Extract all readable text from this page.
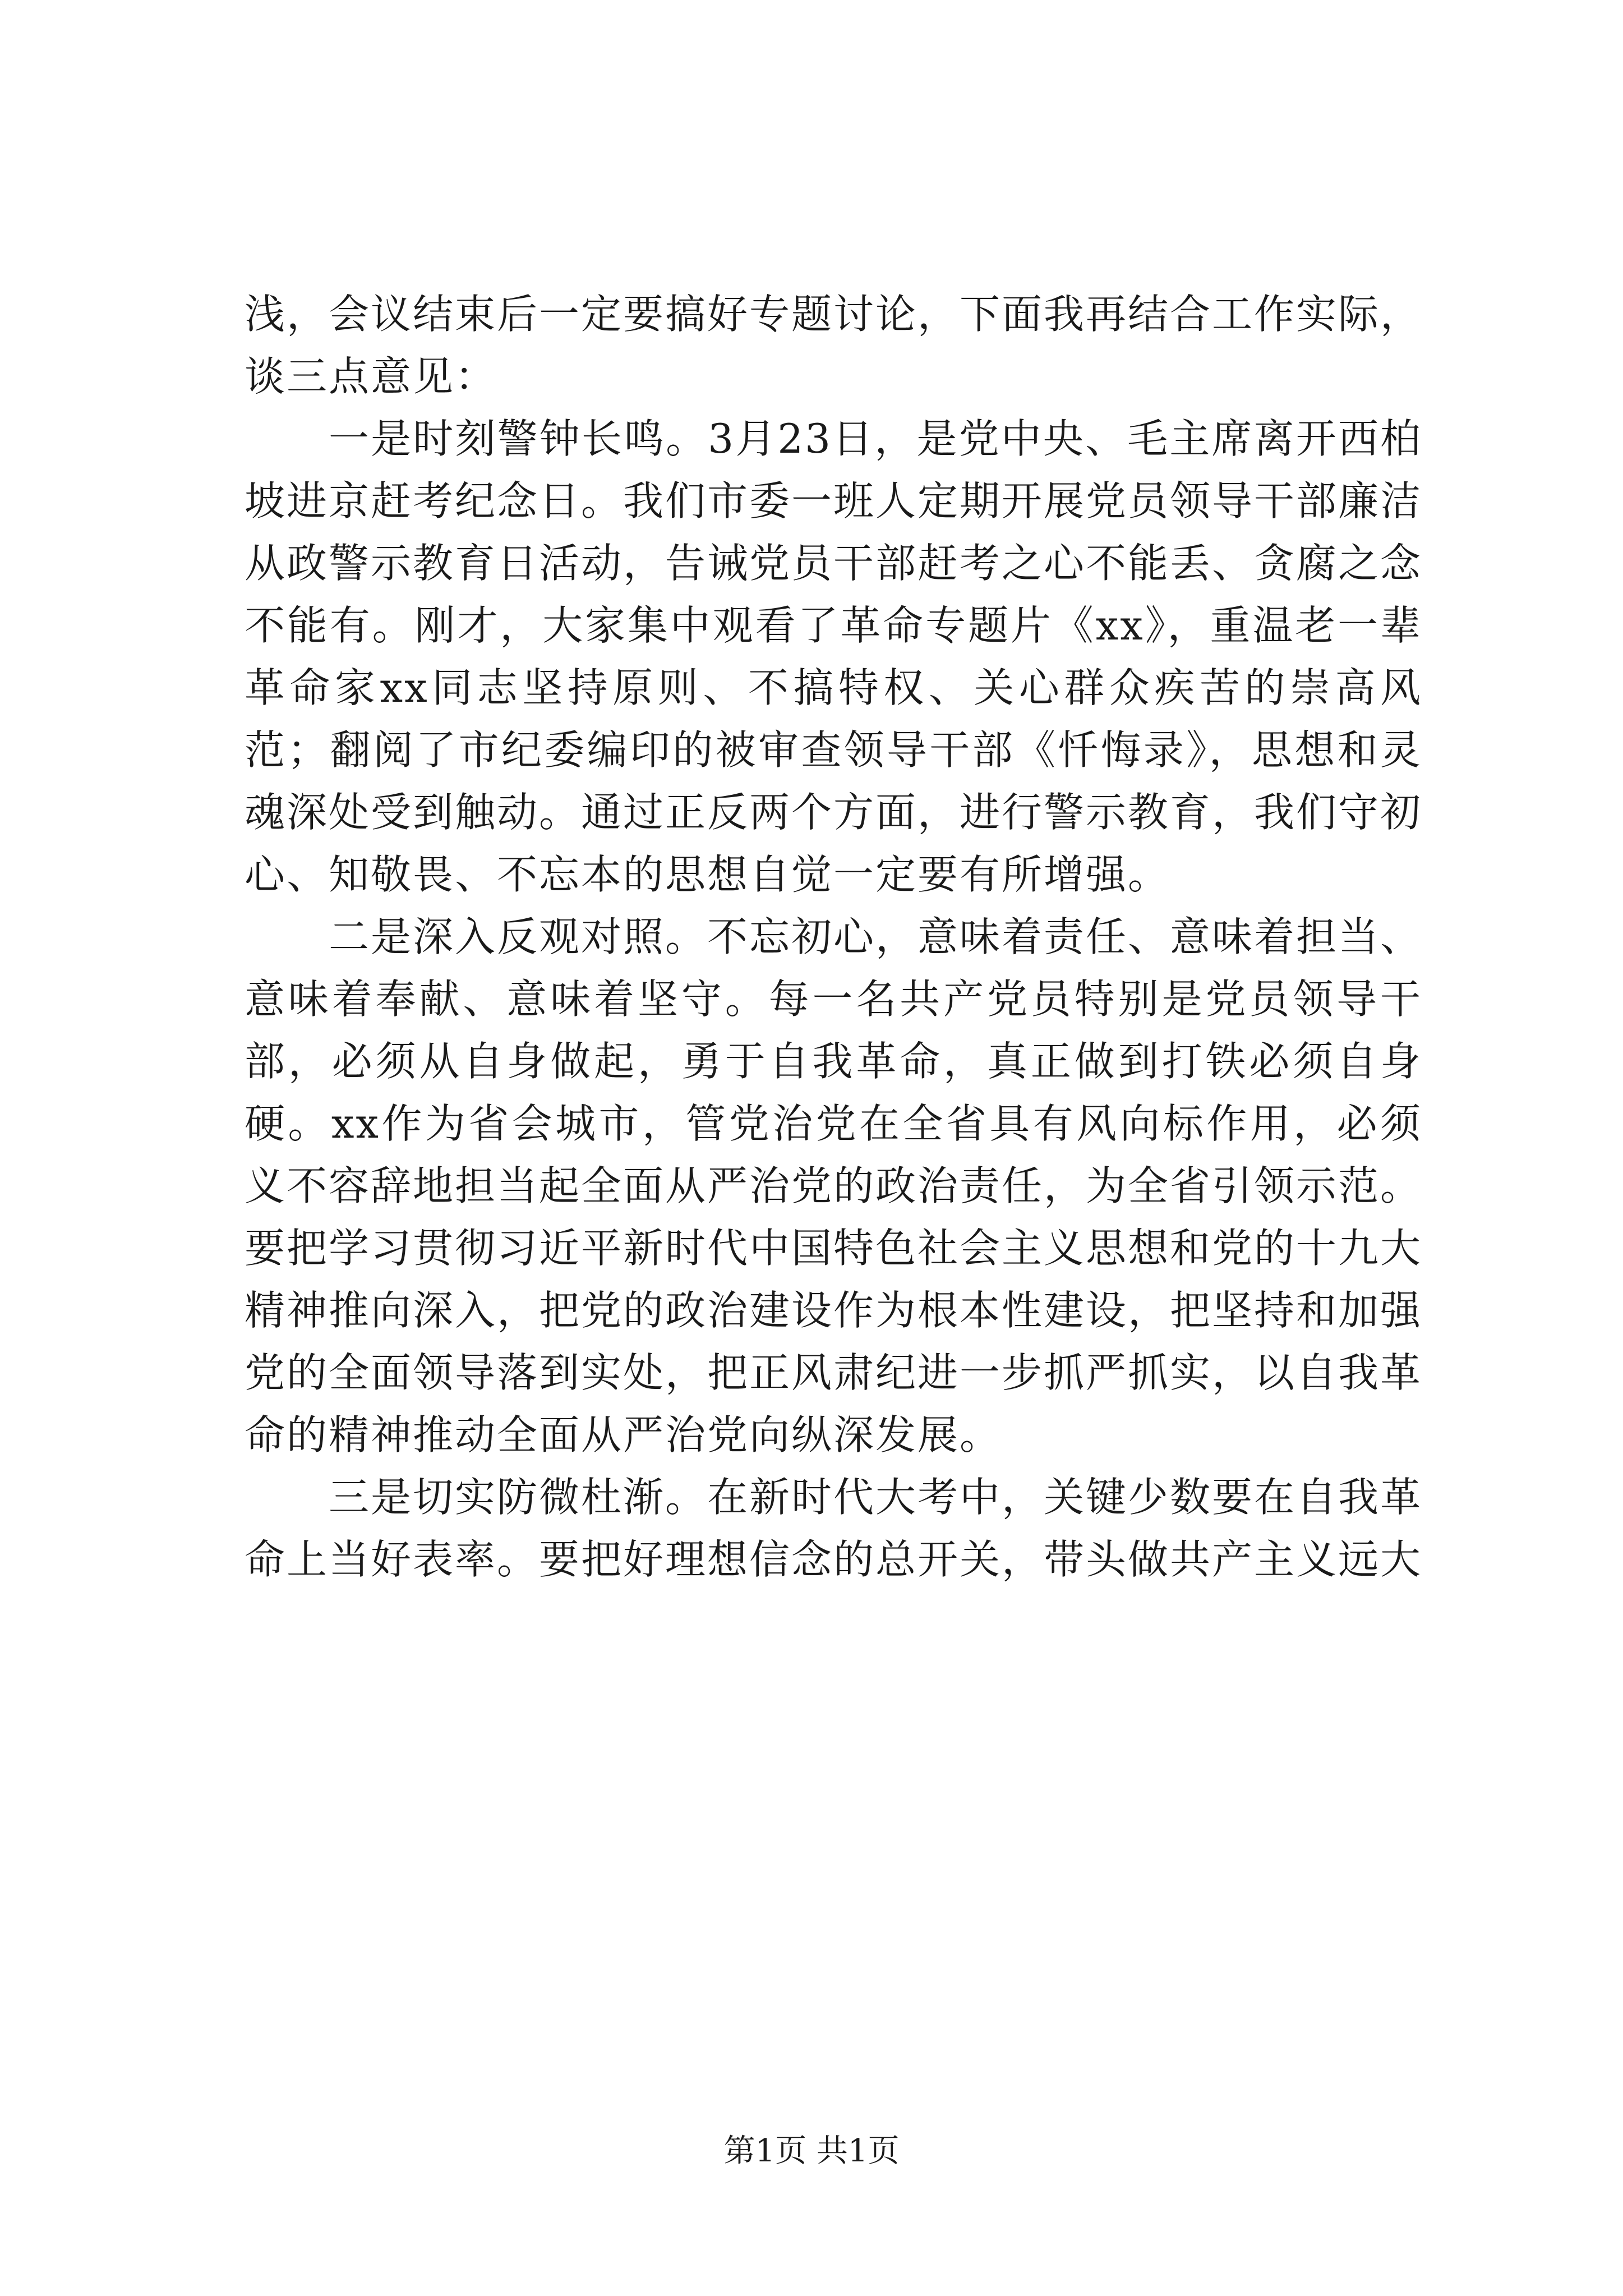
浅，会议结束后一定要搞好专题讨论，下面我再结合工作实际，谈三点意见：

一是时刻警钟长鸣。3月23日，是党中央、毛主席离开西柏坡进京赶考纪念日。我们市委一班人定期开展党员领导干部廉洁从政警示教育日活动，告诫党员干部赶考之心不能丢、贪腐之念不能有。刚才，大家集中观看了革命专题片《xx》，重温老一辈革命家xx同志坚持原则、不搞特权、关心群众疾苦的崇高风范；翻阅了市纪委编印的被审查领导干部《忏悔录》，思想和灵魂深处受到触动。通过正反两个方面，进行警示教育，我们守初心、知敬畏、不忘本的思想自觉一定要有所增强。

二是深入反观对照。不忘初心，意味着责任、意味着担当、意味着奉献、意味着坚守。每一名共产党员特别是党员领导干部，必须从自身做起，勇于自我革命，真正做到打铁必须自身硬。xx作为省会城市，管党治党在全省具有风向标作用，必须义不容辞地担当起全面从严治党的政治责任，为全省引领示范。要把学习贯彻习近平新时代中国特色社会主义思想和党的十九大精神推向深入，把党的政治建设作为根本性建设，把坚持和加强党的全面领导落到实处，把正风肃纪进一步抓严抓实，以自我革命的精神推动全面从严治党向纵深发展。

三是切实防微杜渐。在新时代大考中，关键少数要在自我革命上当好表率。要把好理想信念的总开关，带头做共产主义远大

第1页 共1页
